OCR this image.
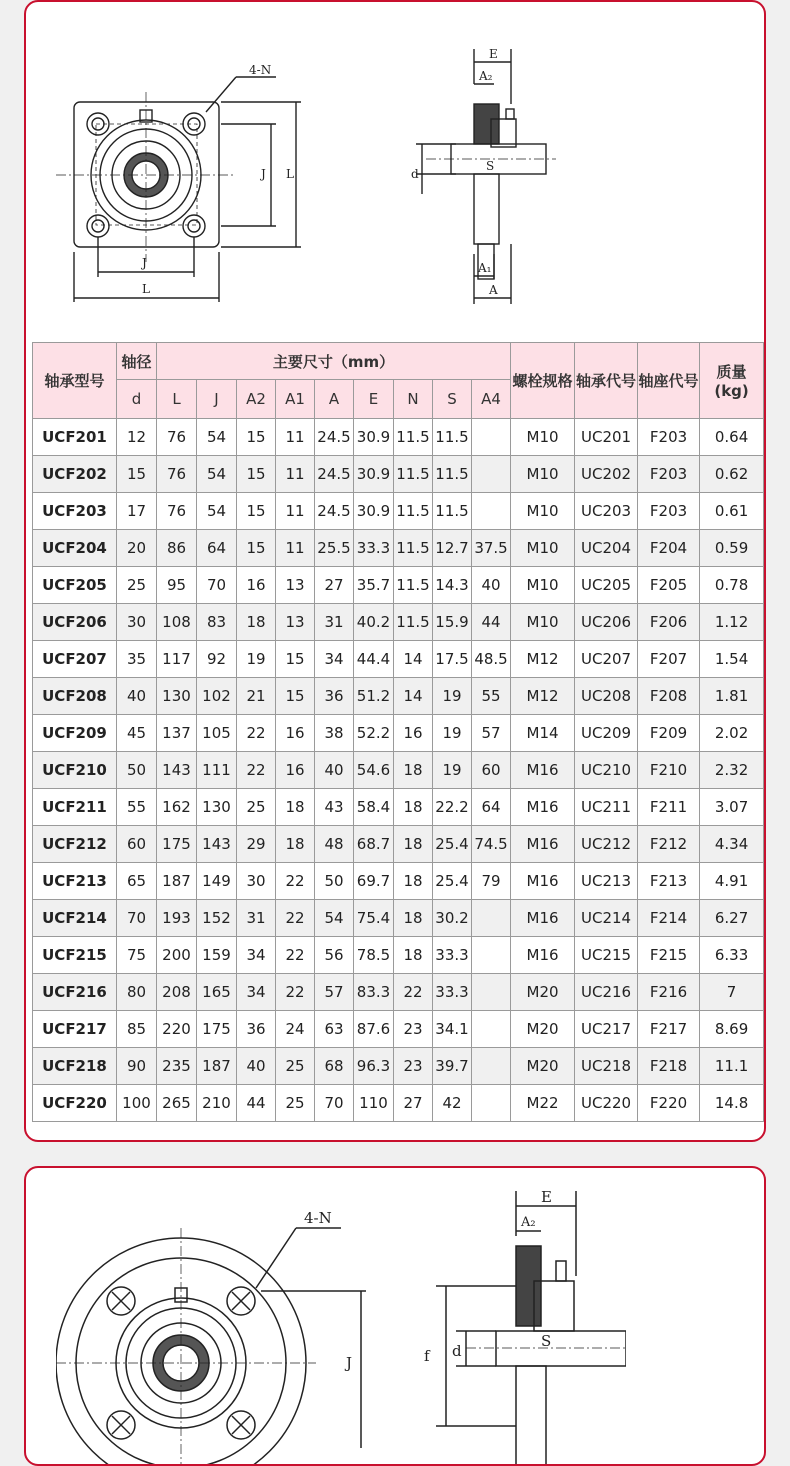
4-N
J
L
J L
E
A₂
S
d
A₁
A
轴承型号	轴径	主要尺寸（mm）									螺栓规格	轴承代号	轴座代号	质量(kg)
	d	L	J	A2	A1	A	E	N	S	A4				
UCF201	12	76	54	15	11	24.5	30.9	11.5	11.5		M10	UC201	F203	0.64
UCF202	15	76	54	15	11	24.5	30.9	11.5	11.5		M10	UC202	F203	0.62
UCF203	17	76	54	15	11	24.5	30.9	11.5	11.5		M10	UC203	F203	0.61
UCF204	20	86	64	15	11	25.5	33.3	11.5	12.7	37.5	M10	UC204	F204	0.59
UCF205	25	95	70	16	13	27	35.7	11.5	14.3	40	M10	UC205	F205	0.78
UCF206	30	108	83	18	13	31	40.2	11.5	15.9	44	M10	UC206	F206	1.12
UCF207	35	117	92	19	15	34	44.4	14	17.5	48.5	M12	UC207	F207	1.54
UCF208	40	130	102	21	15	36	51.2	14	19	55	M12	UC208	F208	1.81
UCF209	45	137	105	22	16	38	52.2	16	19	57	M14	UC209	F209	2.02
UCF210	50	143	111	22	16	40	54.6	18	19	60	M16	UC210	F210	2.32
UCF211	55	162	130	25	18	43	58.4	18	22.2	64	M16	UC211	F211	3.07
UCF212	60	175	143	29	18	48	68.7	18	25.4	74.5	M16	UC212	F212	4.34
UCF213	65	187	149	30	22	50	69.7	18	25.4	79	M16	UC213	F213	4.91
UCF214	70	193	152	31	22	54	75.4	18	30.2		M16	UC214	F214	6.27
UCF215	75	200	159	34	22	56	78.5	18	33.3		M16	UC215	F215	6.33
UCF216	80	208	165	34	22	57	83.3	22	33.3		M20	UC216	F216	7
UCF217	85	220	175	36	24	63	87.6	23	34.1		M20	UC217	F217	8.69
UCF218	90	235	187	40	25	68	96.3	23	39.7		M20	UC218	F218	11.1
UCF220	100	265	210	44	25	70	110	27	42		M22	UC220	F220	14.8
4-N
J
E
A₂
S
f d
